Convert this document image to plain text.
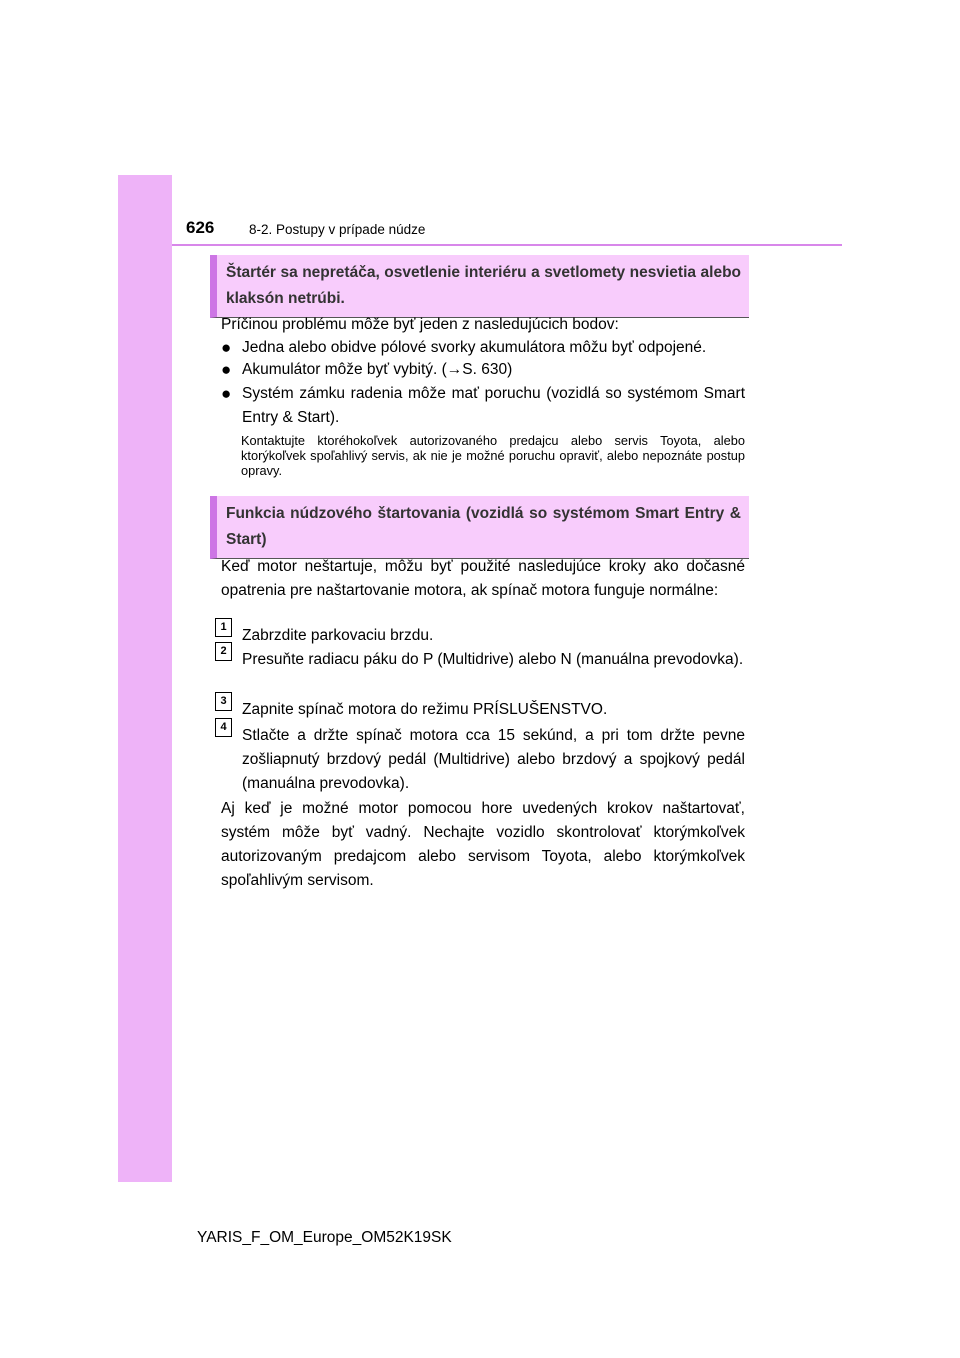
626	8-2. Postupy v prípade núdze
Štartér sa nepretáča, osvetlenie interiéru a svetlomety nesvietia alebo klaksón netrúbi.
Príčinou problému môže byť jeden z nasledujúcich bodov:
● Jedna alebo obidve pólové svorky akumulátora môžu byť odpojené.
● Akumulátor môže byť vybitý. (→S. 630)
● Systém zámku radenia môže mať poruchu (vozidlá so systémom Smart Entry & Start).
Kontaktujte ktoréhokoľvek autorizovaného predajcu alebo servis Toyota, alebo ktorýkoľvek spoľahlivý servis, ak nie je možné poruchu opraviť, alebo nepoznáte postup opravy.
Funkcia núdzového štartovania (vozidlá so systémom Smart Entry & Start)
Keď motor neštartuje, môžu byť použité nasledujúce kroky ako dočasné opatrenia pre naštartovanie motora, ak spínač motora funguje normálne:
1 Zabrzdite parkovaciu brzdu.
2 Presuňte radiacu páku do P (Multidrive) alebo N (manuálna prevodovka).
3 Zapnite spínač motora do režimu PRÍSLUŠENSTVO.
4 Stlačte a držte spínač motora cca 15 sekúnd, a pri tom držte pevne zošliapnutý brzdový pedál (Multidrive) alebo brzdový a spojkový pedál (manuálna prevodovka).
Aj keď je možné motor pomocou hore uvedených krokov naštartovať, systém môže byť vadný. Nechajte vozidlo skontrolovať ktorýmkoľvek autorizovaným predajcom alebo servisom Toyota, alebo ktorýmkoľvek spoľahlivým servisom.
YARIS_F_OM_Europe_OM52K19SK
